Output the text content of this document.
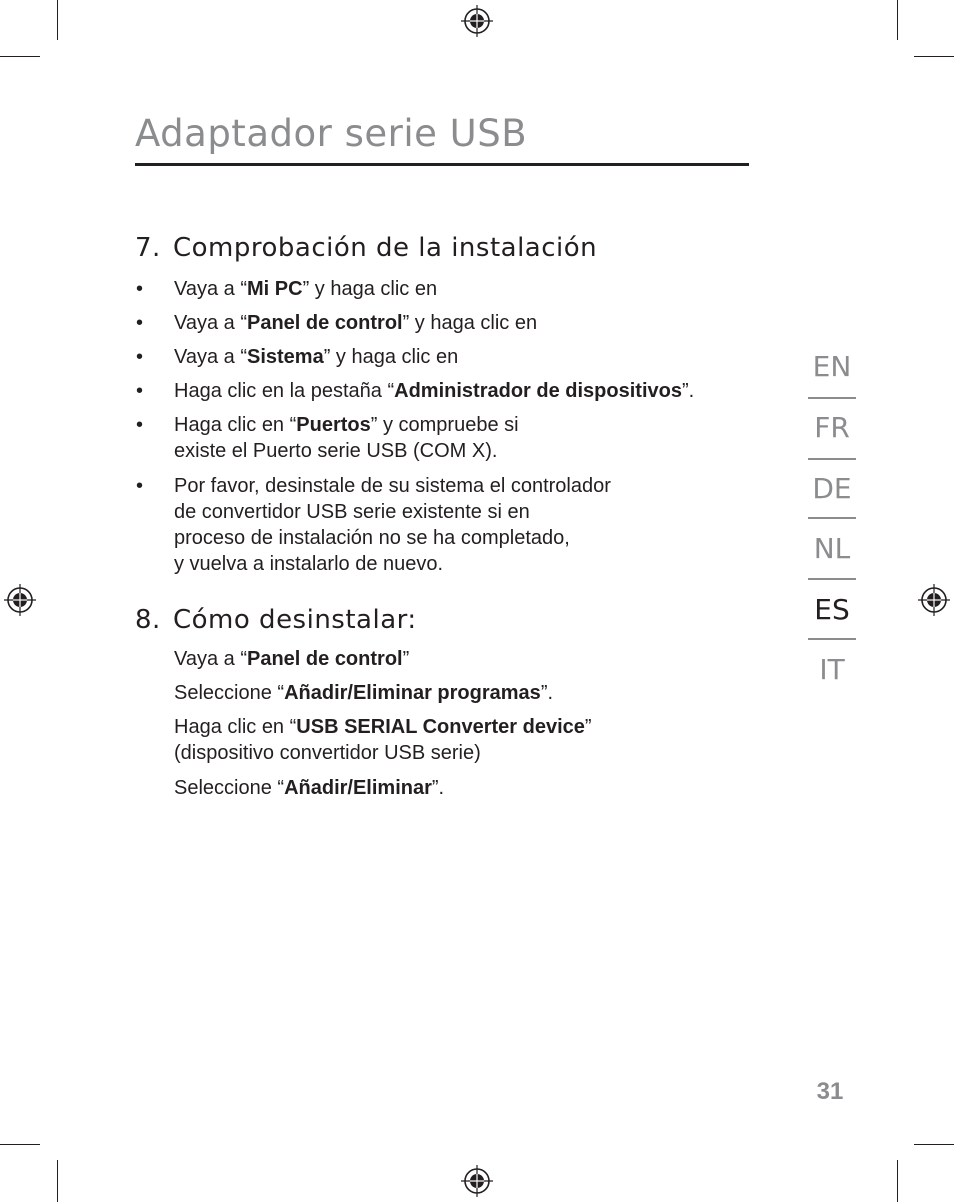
Adaptador serie USB
7. Comprobación de la instalación
• Vaya a “Mi PC” y haga clic en
• Vaya a “Panel de control” y haga clic en
• Vaya a “Sistema” y haga clic en
• Haga clic en la pestaña “Administrador de dispositivos”.
• Haga clic en “Puertos” y compruebe si
existe el Puerto serie USB (COM X).
• Por favor, desinstale de su sistema el controlador
de convertidor USB serie existente si en
proceso de instalación no se ha completado,
y vuelva a instalarlo de nuevo.
8. Cómo desinstalar:
Vaya a “Panel de control”
Seleccione “Añadir/Eliminar programas”.
Haga clic en “USB SERIAL Converter device”
(dispositivo convertidor USB serie)
Seleccione “Añadir/Eliminar”.
EN
FR
DE
NL
ES
IT
31
